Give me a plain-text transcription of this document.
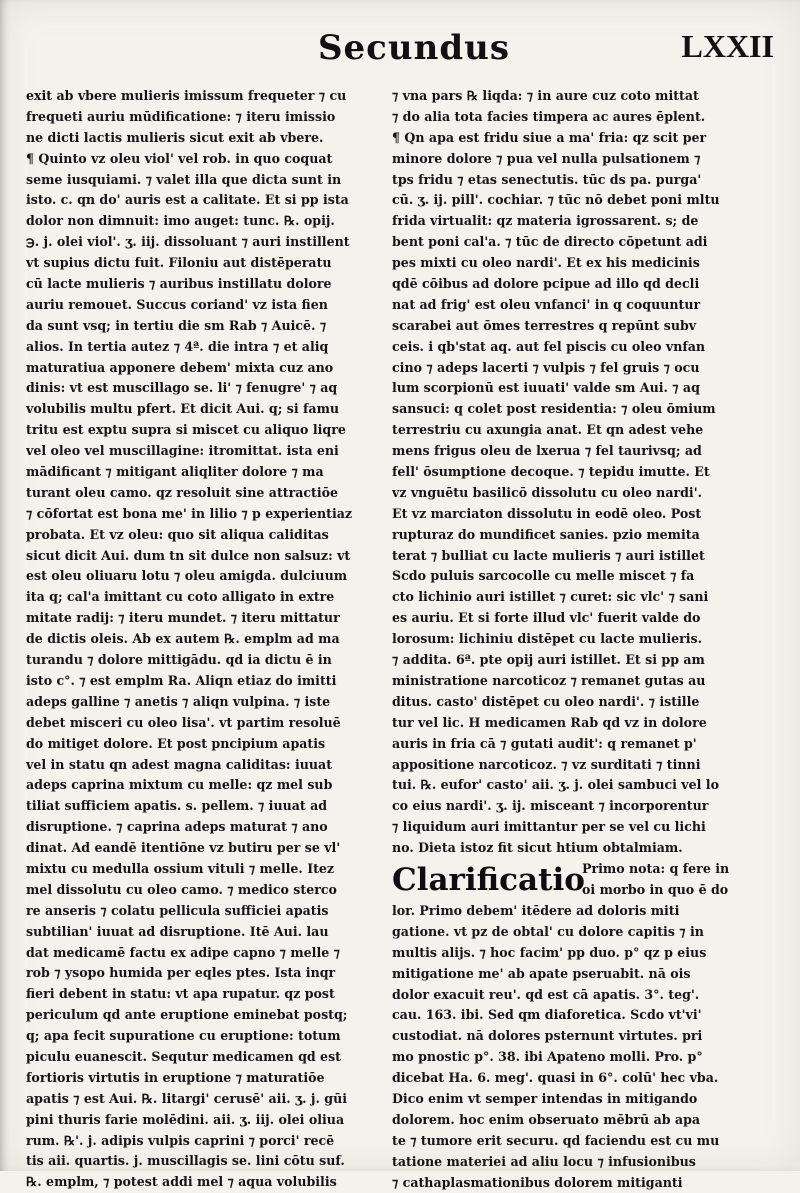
Secundus	LXXII
exit ab vbere mulieris imissum frequeter ⁊ cu
frequeti auriu mūdificatione: ⁊ iteru imissio
ne dicti lactis mulieris sicut exit ab vbere.
¶ Quinto vz oleu viol' vel rob. in quo coquat
seme iusquiami. ⁊ valet illa que dicta sunt in
isto. c. qn do' auris est a calitate. Et si pp ista
dolor non dimnuit: imo auget: tunc. ℞. opij.
℈. j. olei viol'. ʒ. iij. dissoluant ⁊ auri instillent
vt supius dictu fuit. Filoniu aut distēperatu
cū lacte mulieris ⁊ auribus instillatu dolore
auriu remouet. Succus coriand' vz ista fien
da sunt vsq; in tertiu die sm Rab ⁊ Auicē. ⁊
alios. In tertia autez ⁊ 4ª. die intra ⁊ et aliq
maturatiua apponere debem' mixta cuz ano
dinis: vt est muscillago se. li' ⁊ fenugre' ⁊ aq
volubilis multu pfert. Et dicit Aui. q; si famu
tritu est exptu supra si miscet cu aliquo liqre
vel oleo vel muscillagine: itromittat. ista eni
mādificant ⁊ mitigant aliqliter dolore ⁊ ma
turant oleu camo. qz resoluit sine attractiōe
⁊ cōfortat est bona me' in lilio ⁊ p experientiaz
probata. Et vz oleu: quo sit aliqua caliditas
sicut dicit Aui. dum tn sit dulce non salsuz: vt
est oleu oliuaru lotu ⁊ oleu amigda. dulciuum
ita q; cal'a imittant cu coto alligato in extre
mitate radij: ⁊ iteru mundet. ⁊ iteru mittatur
de dictis oleis. Ab ex autem ℞. emplm ad ma
turandu ⁊ dolore mittigādu. qd ia dictu ē in
isto c°. ⁊ est emplm Ra. Aliqn etiaz do imitti
adeps galline ⁊ anetis ⁊ aliqn vulpina. ⁊ iste
debet misceri cu oleo lisa'. vt partim resoluē
do mitiget dolore. Et post pncipium apatis
vel in statu qn adest magna caliditas: iuuat
adeps caprina mixtum cu melle: qz mel sub
tiliat sufficiem apatis. s. pellem. ⁊ iuuat ad
disruptione. ⁊ caprina adeps maturat ⁊ ano
dinat. Ad eandē itentiōne vz butiru per se vl'
mixtu cu medulla ossium vituli ⁊ melle. Itez
mel dissolutu cu oleo camo. ⁊ medico sterco
re anseris ⁊ colatu pellicula sufficiei apatis
subtilian' iuuat ad disruptione. Itē Aui. lau
dat medicamē factu ex adipe capno ⁊ melle ⁊
rob ⁊ ysopo humida per eqles ptes. Ista inqr
fieri debent in statu: vt apa rupatur. qz post
periculum qd ante eruptione eminebat postq;
q; apa fecit supuratione cu eruptione: totum
piculu euanescit. Sequtur medicamen qd est
fortioris virtutis in eruptione ⁊ maturatiōe
apatis ⁊ est Aui. ℞. litargi' cerusē' aii. ʒ. j. gūi
pini thuris farie molēdini. aii. ʒ. iij. olei oliua
rum. ℞'. j. adipis vulpis caprini ⁊ porci' recē
tis aii. quartis. j. muscillagis se. lini cōtu suf.
℞. emplm, ⁊ potest addi mel ⁊ aqua volubilis
⁊ vna pars ℞ liqda: ⁊ in aure cuz coto mittat
⁊ do alia tota facies timpera ac aures ēplent.
¶ Qn apa est fridu siue a ma' fria: qz scit per
minore dolore ⁊ pua vel nulla pulsationem ⁊
tps fridu ⁊ etas senectutis. tūc ds pa. purga'
cū. ʒ. ij. pill'. cochiar. ⁊ tūc nō debet poni mltu
frida virtualit: qz materia igrossarent. s; de
bent poni cal'a. ⁊ tūc de directo cōpetunt adi
pes mixti cu oleo nardi'. Et ex his medicinis
qdē cōibus ad dolore pcipue ad illo qd decli
nat ad frig' est oleu vnfanci' in q coquuntur
scarabei aut ōmes terrestres q repūnt subv
ceis. i qb'stat aq. aut fel piscis cu oleo vnfan
cino ⁊ adeps lacerti ⁊ vulpis ⁊ fel gruis ⁊ ocu
lum scorpionū est iuuati' valde sm Aui. ⁊ aq
sansuci: q colet post residentia: ⁊ oleu ōmium
terrestriu cu axungia anat. Et qn adest vehe
mens frigus oleu de lxerua ⁊ fel taurivsq; ad
fell' ōsumptione decoque. ⁊ tepidu imutte. Et
vz vnguētu basilicō dissolutu cu oleo nardi'.
Et vz marciaton dissolutu in eodē oleo. Post
rupturaz do mundificet sanies. pzio memita
terat ⁊ bulliat cu lacte mulieris ⁊ auri istillet
Scdo puluis sarcocolle cu melle miscet ⁊ fa
cto lichinio auri istillet ⁊ curet: sic vlc' ⁊ sani
es auriu. Et si forte illud vlc' fuerit valde do
lorosum: lichiniu distēpet cu lacte mulieris.
⁊ addita. 6ª. pte opij auri istillet. Et si pp am
ministratione narcoticoz ⁊ remanet gutas au
ditus. casto' distēpet cu oleo nardi'. ⁊ istille
tur vel lic. H medicamen Rab qd vz in dolore
auris in fria cā ⁊ gutati audit': q remanet p'
appositione narcoticoz. ⁊ vz surditati ⁊ tinni
tui. ℞. eufor' casto' aii. ʒ. j. olei sambuci vel lo
co eius nardi'. ʒ. ij. misceant ⁊ incorporentur
⁊ liquidum auri imittantur per se vel cu lichi
no. Dieta istoz fit sicut htium obtalmiam.
Clarificatio
Primo nota: q fere in
oi morbo in quo ē do
lor. Primo debem' itēdere ad doloris miti
gatione. vt pz de obtal' cu dolore capitis ⁊ in
multis alijs. ⁊ hoc facim' pp duo. p° qz p eius
mitigatione me' ab apate pseruabit. nā ois
dolor exacuit reu'. qd est cā apatis. 3°. teg'.
cau. 163. ibi. Sed qm diaforetica. Scdo vt'vi'
custodiat. nā dolores psternunt virtutes. pri
mo pnostic p°. 38. ibi Apateno molli. Pro. p°
dicebat Ha. 6. meg'. quasi in 6°. colū' hec vba.
Dico enim vt semper intendas in mitigando
dolorem. hoc enim obseruato mēbrū ab apa
te ⁊ tumore erit securu. qd faciendu est cu mu
tatione materiei ad aliu locu ⁊ infusionibus
⁊ cathaplasmationibus dolorem mitiganti
